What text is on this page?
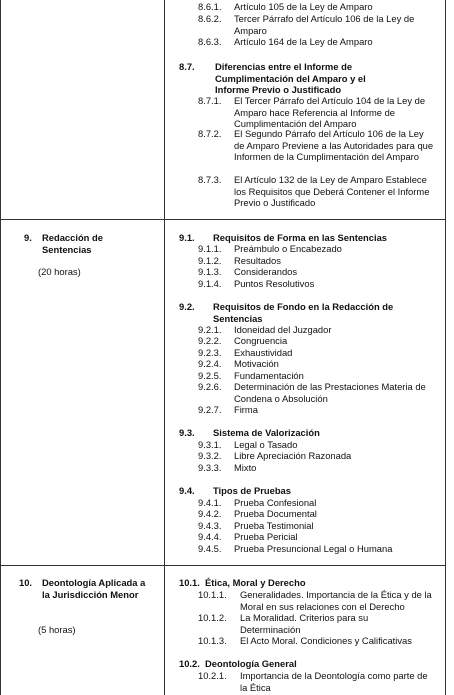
8.6.1. Artículo 105 de la Ley de Amparo
8.6.2. Tercer Párrafo del Artículo 106 de la Ley de Amparo
8.6.3. Artículo 164 de la Ley de Amparo
8.7. Diferencias entre el Informe de Cumplimentación del Amparo y el Informe Previo o Justificado
8.7.1. El Tercer Párrafo del Artículo 104 de la Ley de Amparo hace Referencia al Informe de Cumplimentación del Amparo
8.7.2. El Segundo Párrafo del Artículo 106 de la Ley de Amparo Previene a las Autoridades para que Informen de la Cumplimentación del Amparo
8.7.3. El Artículo 132 de la Ley de Amparo Establece los Requisitos que Deberá Contener el Informe Previo o Justificado
9. Redacción de Sentencias
(20 horas)
9.1. Requisitos de Forma en las Sentencias
9.1.1. Preámbulo o Encabezado
9.1.2. Resultados
9.1.3. Considerandos
9.1.4. Puntos Resolutivos
9.2. Requisitos de Fondo en la Redacción de Sentencias
9.2.1. Idoneidad del Juzgador
9.2.2. Congruencia
9.2.3. Exhaustividad
9.2.4. Motivación
9.2.5. Fundamentación
9.2.6. Determinación de las Prestaciones Materia de Condena o Absolución
9.2.7. Firma
9.3. Sistema de Valorización
9.3.1. Legal o Tasado
9.3.2. Libre Apreciación Razonada
9.3.3. Mixto
9.4. Tipos de Pruebas
9.4.1. Prueba Confesional
9.4.2. Prueba Documental
9.4.3. Prueba Testimonial
9.4.4. Prueba Pericial
9.4.5. Prueba Presuncional Legal o Humana
10. Deontología Aplicada a la Jurisdicción Menor
(5 horas)
10.1. Ética, Moral y Derecho
10.1.1. Generalidades. Importancia de la Ética y de la Moral en sus relaciones con el Derecho
10.1.2. La Moralidad. Criterios para su Determinación
10.1.3. El Acto Moral. Condiciones y Calificativas
10.2. Deontología General
10.2.1. Importancia de la Deontología como parte de la Ética
